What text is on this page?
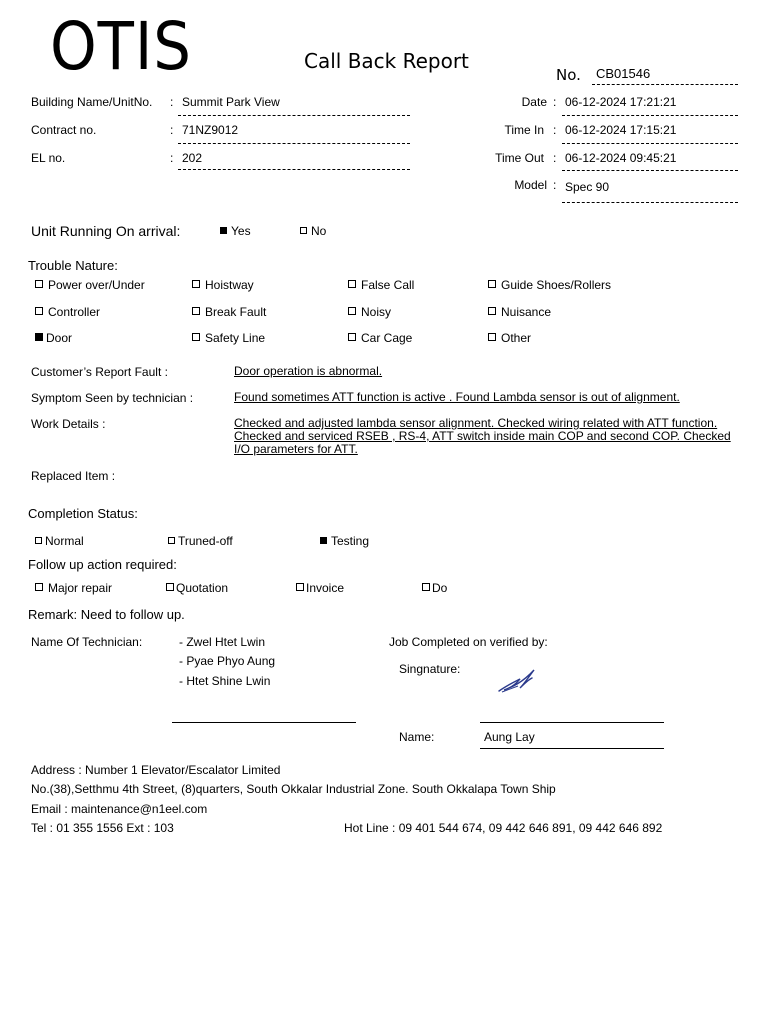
OTIS	Call Back Report
No. CB01546
Building Name/UnitNo. : Summit Park View
Contract no.	: 71NZ9012
EL no.	: 202
Date : 06-12-2024 17:21:21
Time In : 06-12-2024 17:15:21
Time Out : 06-12-2024 09:45:21
Model : Spec 90
Unit Running On arrival:	Yes	No
Trouble Nature:
Power over/Under	Hoistway	False Call	Guide Shoes/Rollers
Controller	Break Fault	Noisy	Nuisance
Door	Safety Line	Car Cage	Other
Customer’s Report Fault :	Door operation is abnormal.
Symptom Seen by technician :	Found sometimes ATT function is active . Found Lambda sensor is out of alignment.
Work Details :	Checked and adjusted lambda sensor alignment. Checked wiring related with ATT function. Checked and serviced RSEB , RS-4, ATT switch inside main COP and second COP. Checked I/O parameters for ATT.
Replaced Item :
Completion Status:
Normal	Truned-off	Testing
Follow up action required:
Major repair	Quotation	Invoice	Do
Remark: Need to follow up.
Name Of Technician:	- Zwel Htet Lwin
- Pyae Phyo Aung
- Htet Shine Lwin
Job Completed on verified by:
Singnature:
Name:	Aung Lay
Address : Number 1 Elevator/Escalator Limited
No.(38),Setthmu 4th Street, (8)quarters, South Okkalar Industrial Zone. South Okkalapa Town Ship
Email : maintenance@n1eel.com
Tel : 01 355 1556 Ext : 103	Hot Line : 09 401 544 674, 09 442 646 891, 09 442 646 892
